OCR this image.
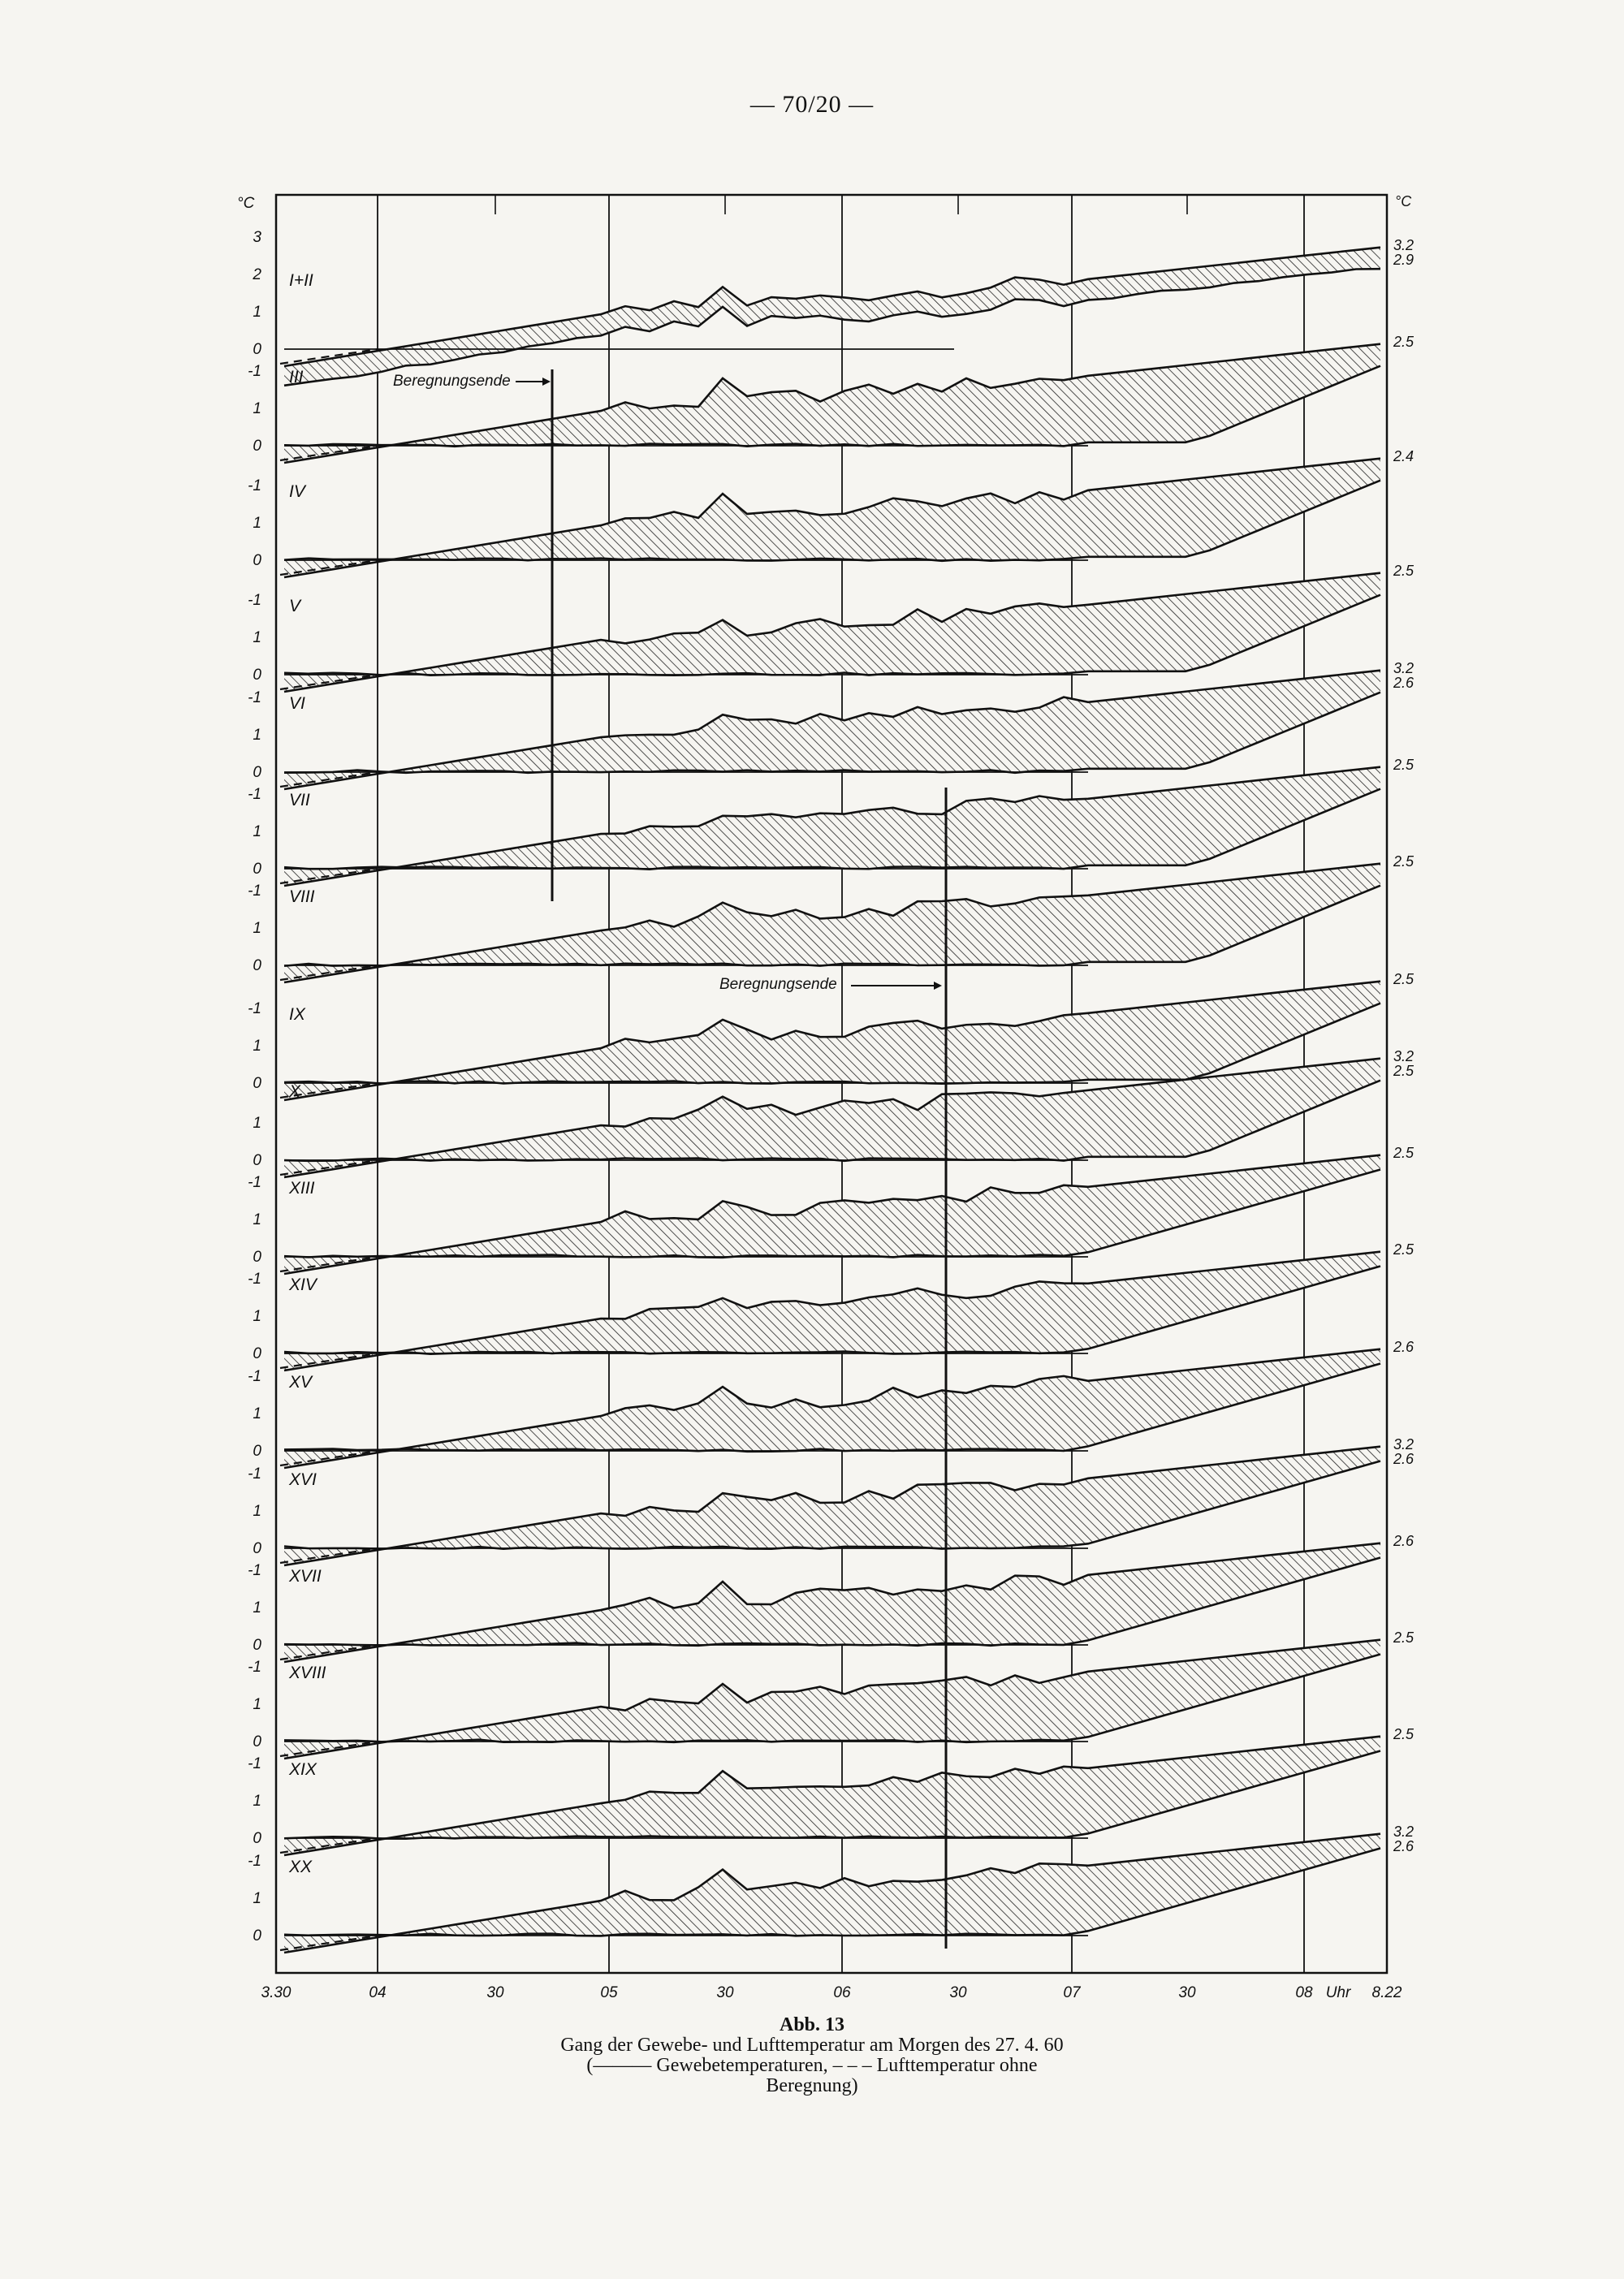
— 70/20 —
°C	°C
I+II
3
2
1
0
3.2
2.9
III
-1
1
0
2.5
IV
-1
1
0
2.4
V
-1
1
0
2.5
VI
-1
1
0
3.2
2.6
VII
-1
1
0
2.5
VIII
-1
1
0
2.5
IX
-1
1
0
2.5
X
1
0
3.2
2.5
XIII
-1
1
0
2.5
XIV
-1
1
0
2.5
XV
-1
1
0
2.6
XVI
-1
1
0
3.2
2.6
XVII
-1
1
0
2.6
XVIII
-1
1
0
2.5
XIX
-1
1
0
2.5
XX
-1
1
0
3.2
2.6
Beregnungsende
Beregnungsende
3.30	04	30	05	30	06	30	07	30	08 Uhr 8.22
Abb. 13
Gang der Gewebe- und Lufttemperatur am Morgen des 27. 4. 60
(——— Gewebetemperaturen, – – – Lufttemperatur ohne
Beregnung)
